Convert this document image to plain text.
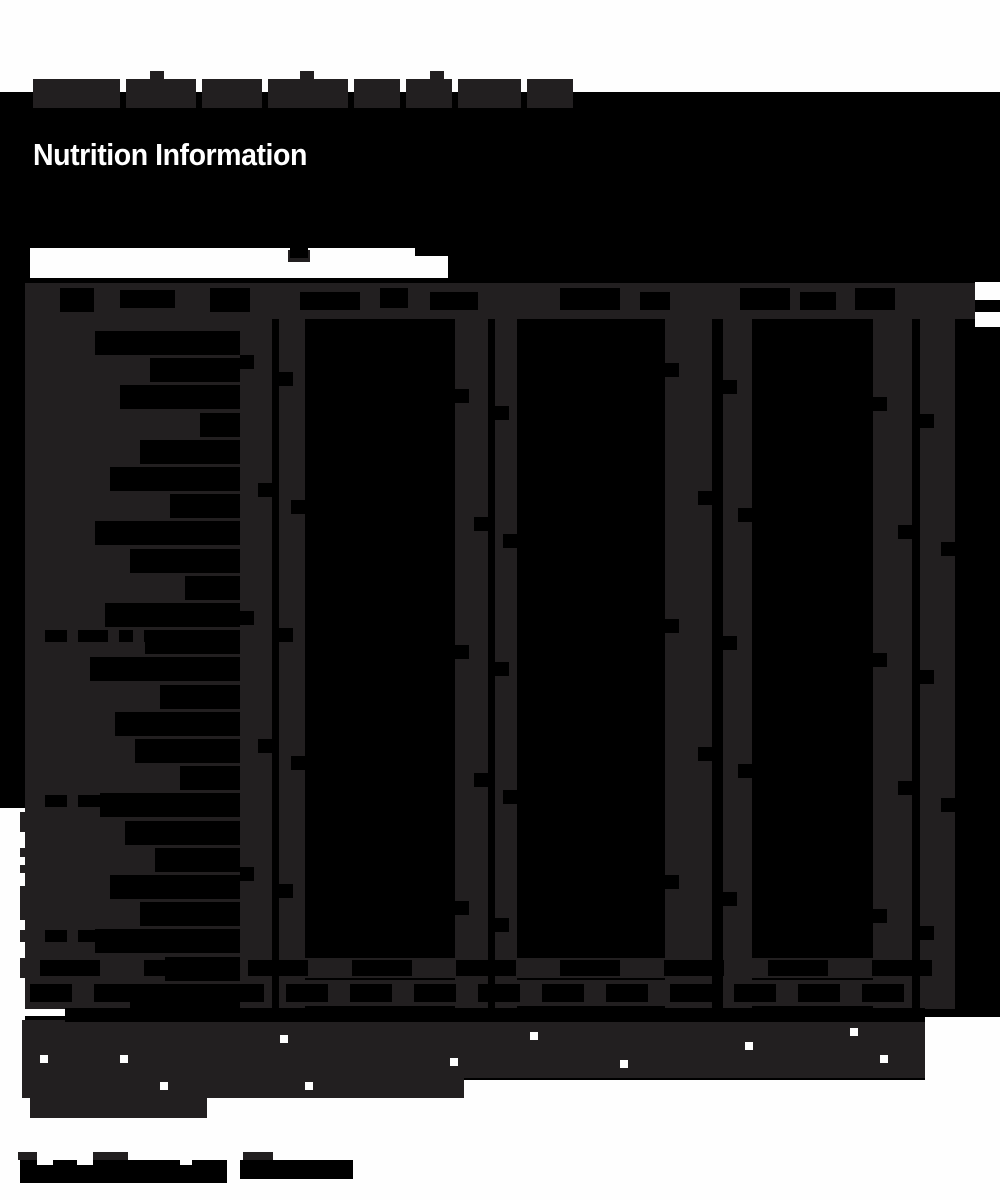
Nutrition Information
